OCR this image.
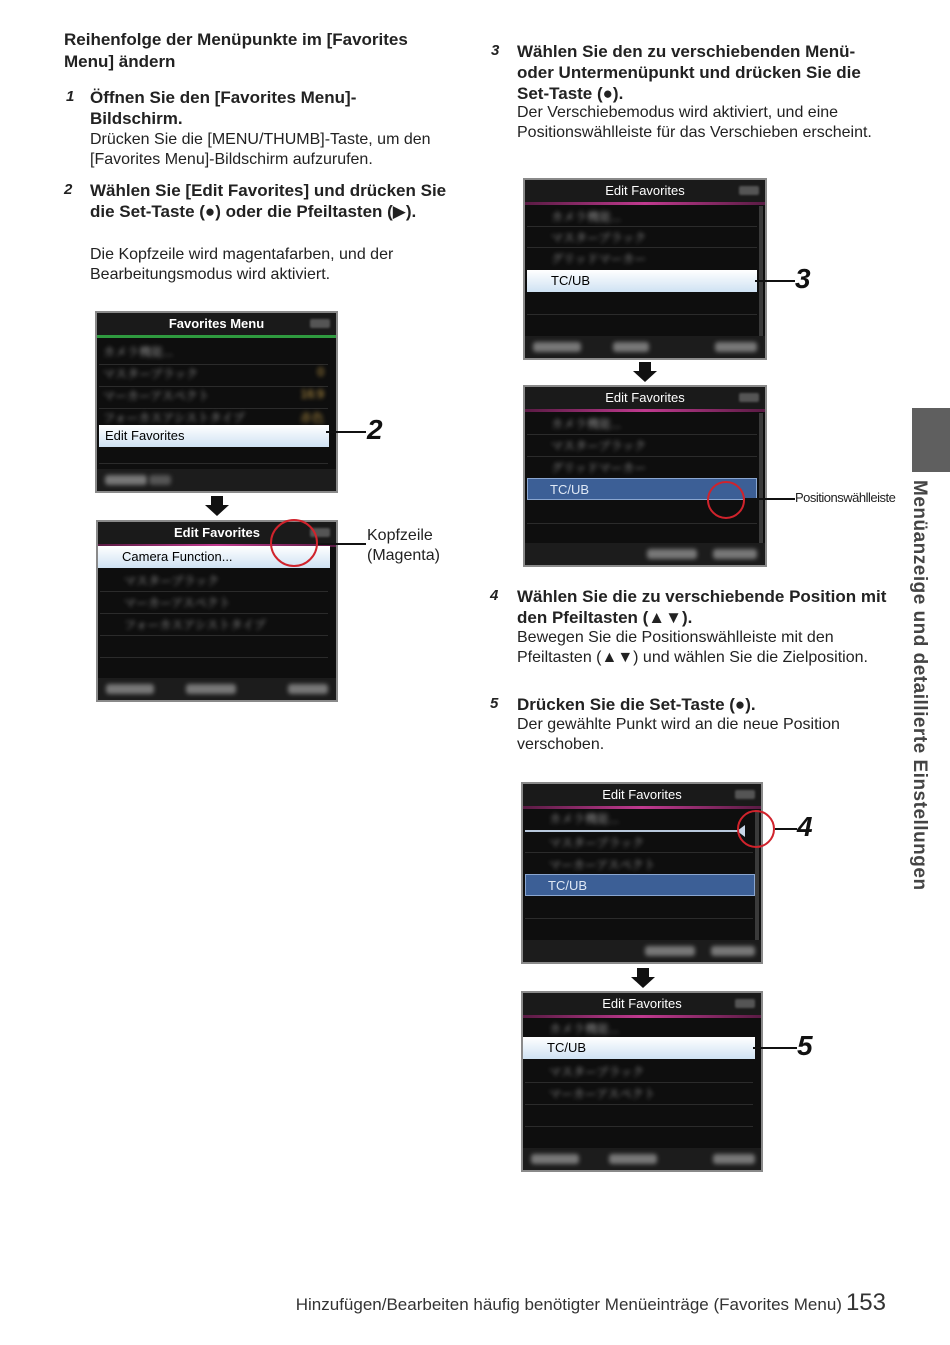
Reihenfolge der Menüpunkte im [Favorites Menu] ändern
1 Öffnen Sie den [Favorites Menu]-Bildschirm.
Drücken Sie die [MENU/THUMB]-Taste, um den [Favorites Menu]-Bildschirm aufzurufen.
2 Wählen Sie [Edit Favorites] und drücken Sie die Set-Taste (●) oder die Pfeiltasten (▶).
Die Kopfzeile wird magentafarben, und der Bearbeitungsmodus wird aktiviert.
Favorites Menu
カメラ機能...
マスターブラック	0
マーカーアスペクト	16:9
フォーカスアシストタイプ	赤色
Edit Favorites	2
Edit Favorites
Camera Function...
マスターブラック
マーカーアスペクト
フォーカスアシストタイプ
Kopfzeile
(Magenta)
3 Wählen Sie den zu verschiebenden Menü- oder Untermenüpunkt und drücken Sie die Set-Taste (●).
Der Verschiebemodus wird aktiviert, und eine Positionswählleiste für das Verschieben erscheint.
Edit Favorites
カメラ機能...
マスターブラック
グリッドマーカー
TC/UB	3
Edit Favorites
カメラ機能...
マスターブラック
グリッドマーカー
TC/UB
Positionswählleiste
4 Wählen Sie die zu verschiebende Position mit den Pfeiltasten (▲▼).
Bewegen Sie die Positionswählleiste mit den Pfeiltasten (▲▼) und wählen Sie die Zielposition.
5 Drücken Sie die Set-Taste (●).
Der gewählte Punkt wird an die neue Position verschoben.
Edit Favorites
カメラ機能...
マスターブラック
マーカーアスペクト
TC/UB
4
Edit Favorites
カメラ機能...
TC/UB
マスターブラック
マーカーアスペクト
5
Menüanzeige und detaillierte Einstellungen
Hinzufügen/Bearbeiten häufig benötigter Menüeinträge (Favorites Menu) 153
